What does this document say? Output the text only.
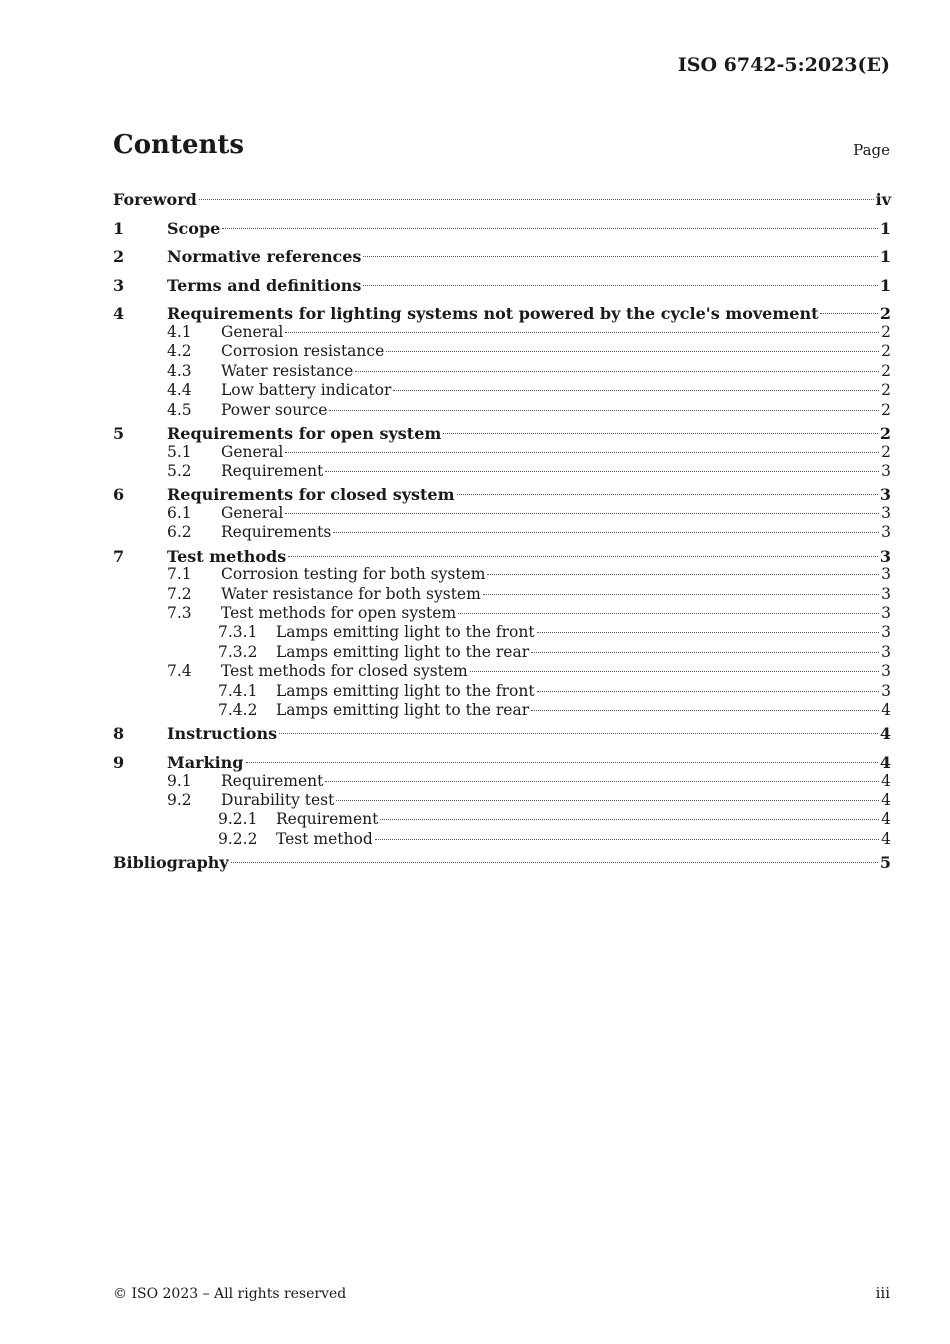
ISO 6742-5:2023(E)
Contents	Page
Foreword	iv
1	Scope	1
2	Normative references	1
3	Terms and definitions	1
4	Requirements for lighting systems not powered by the cycle's movement	2
4.1	General	2
4.2	Corrosion resistance	2
4.3	Water resistance	2
4.4	Low battery indicator	2
4.5	Power source	2
5	Requirements for open system	2
5.1	General	2
5.2	Requirement	3
6	Requirements for closed system	3
6.1	General	3
6.2	Requirements	3
7	Test methods	3
7.1	Corrosion testing for both system	3
7.2	Water resistance for both system	3
7.3	Test methods for open system	3
7.3.1	Lamps emitting light to the front	3
7.3.2	Lamps emitting light to the rear	3
7.4	Test methods for closed system	3
7.4.1	Lamps emitting light to the front	3
7.4.2	Lamps emitting light to the rear	4
8	Instructions	4
9	Marking	4
9.1	Requirement	4
9.2	Durability test	4
9.2.1	Requirement	4
9.2.2	Test method	4
Bibliography	5
© ISO 2023 – All rights reserved	iii
